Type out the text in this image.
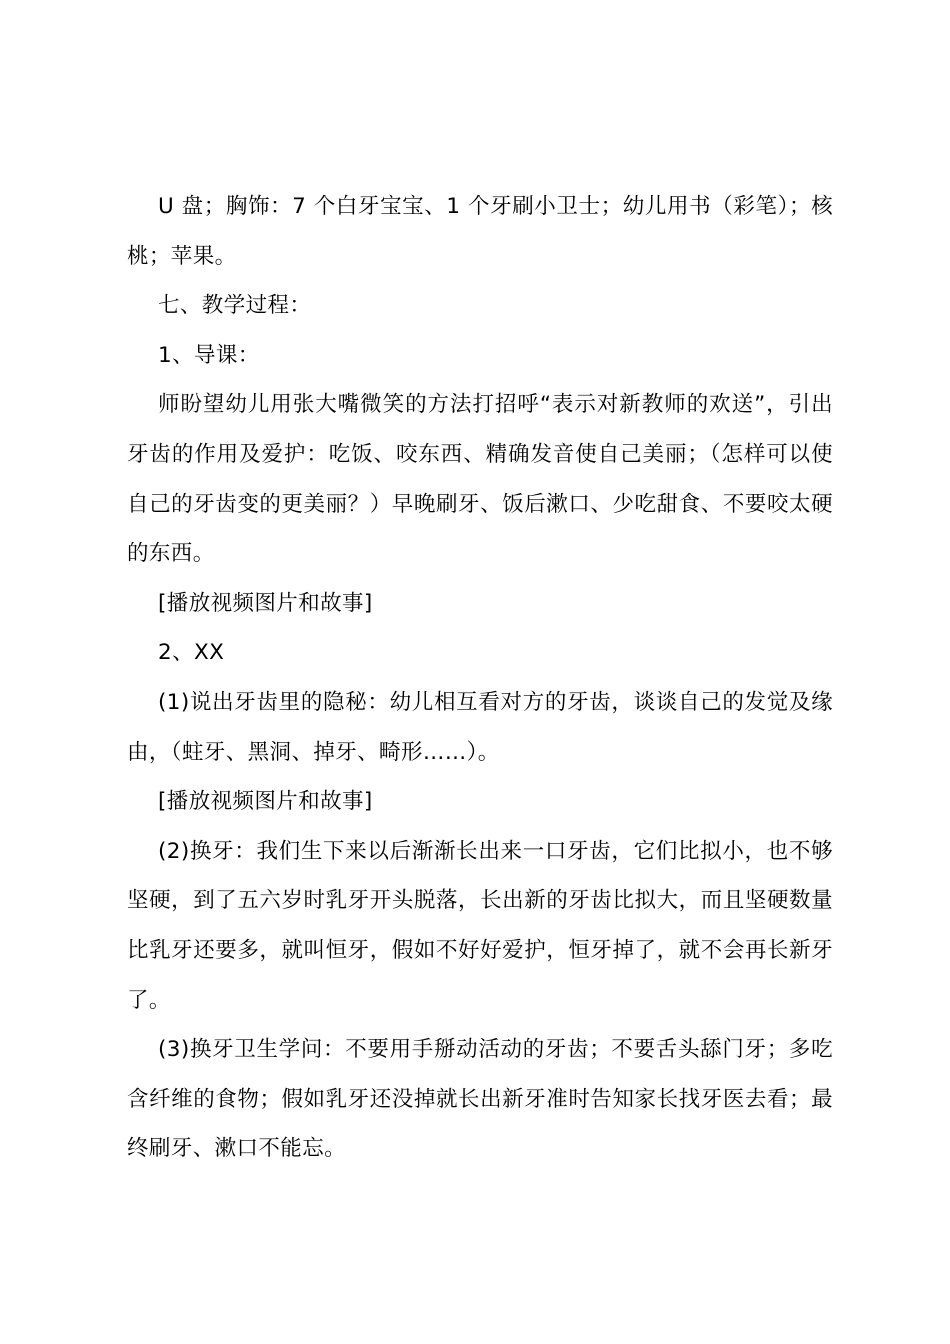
U 盘；胸饰：7 个白牙宝宝、1 个牙刷小卫士；幼儿用书（彩笔）；核桃；苹果。

七、教学过程：

1、导课：

师盼望幼儿用张大嘴微笑的方法打招呼“表示对新教师的欢送”，引出牙齿的作用及爱护：吃饭、咬东西、精确发音使自己美丽；（怎样可以使自己的牙齿变的更美丽？）早晚刷牙、饭后漱口、少吃甜食、不要咬太硬的东西。

[播放视频图片和故事]

2、XX

(1)说出牙齿里的隐秘：幼儿相互看对方的牙齿，谈谈自己的发觉及缘由，（蛀牙、黑洞、掉牙、畸形……）。

[播放视频图片和故事]

(2)换牙：我们生下来以后渐渐长出来一口牙齿，它们比拟小，也不够坚硬，到了五六岁时乳牙开头脱落，长出新的牙齿比拟大，而且坚硬数量比乳牙还要多，就叫恒牙，假如不好好爱护，恒牙掉了，就不会再长新牙了。

(3)换牙卫生学问：不要用手掰动活动的牙齿；不要舌头舔门牙；多吃含纤维的食物；假如乳牙还没掉就长出新牙准时告知家长找牙医去看；最终刷牙、漱口不能忘。
